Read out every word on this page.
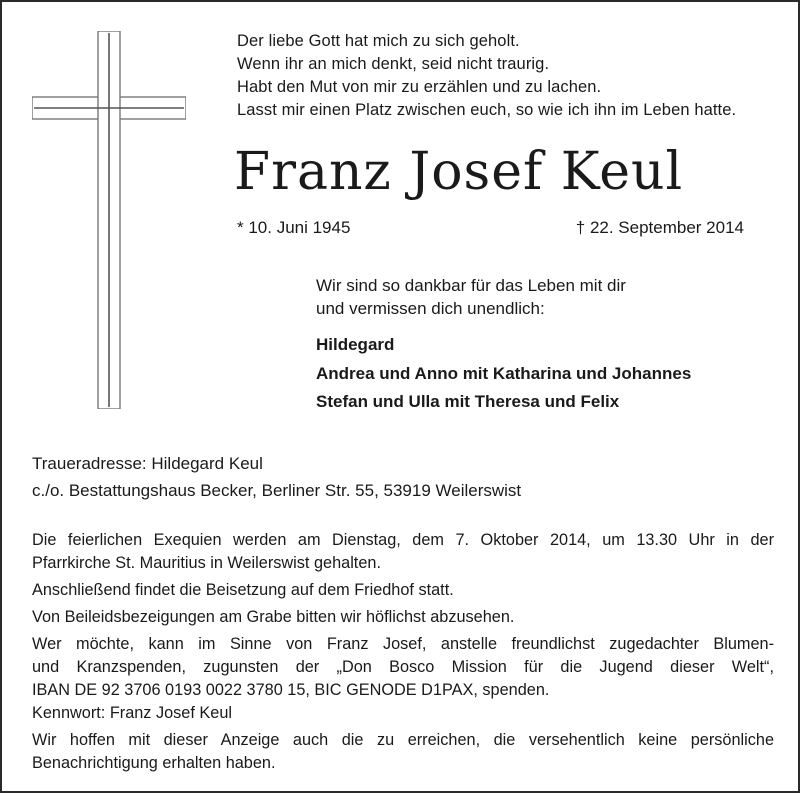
Der liebe Gott hat mich zu sich geholt.
Wenn ihr an mich denkt, seid nicht traurig.
Habt den Mut von mir zu erzählen und zu lachen.
Lasst mir einen Platz zwischen euch, so wie ich ihn im Leben hatte.
Franz Josef Keul
* 10. Juni 1945	† 22. September 2014
Wir sind so dankbar für das Leben mit dir
und vermissen dich unendlich:
Hildegard
Andrea und Anno mit Katharina und Johannes
Stefan und Ulla mit Theresa und Felix
Traueradresse: Hildegard Keul
c./o. Bestattungshaus Becker, Berliner Str. 55, 53919 Weilerswist

Die feierlichen Exequien werden am Dienstag, dem 7. Oktober 2014, um 13.30 Uhr in der

Pfarrkirche St. Mauritius in Weilerswist gehalten.

Anschließend findet die Beisetzung auf dem Friedhof statt.

Von Beileidsbezeigungen am Grabe bitten wir höflichst abzusehen.

Wer möchte, kann im Sinne von Franz Josef, anstelle freundlichst zugedachter Blumen-

und Kranzspenden, zugunsten der „Don Bosco Mission für die Jugend dieser Welt“,

IBAN DE 92 3706 0193 0022 3780 15, BIC GENODE D1PAX, spenden.

Kennwort: Franz Josef Keul

Wir hoffen mit dieser Anzeige auch die zu erreichen, die versehentlich keine persönliche

Benachrichtigung erhalten haben.
